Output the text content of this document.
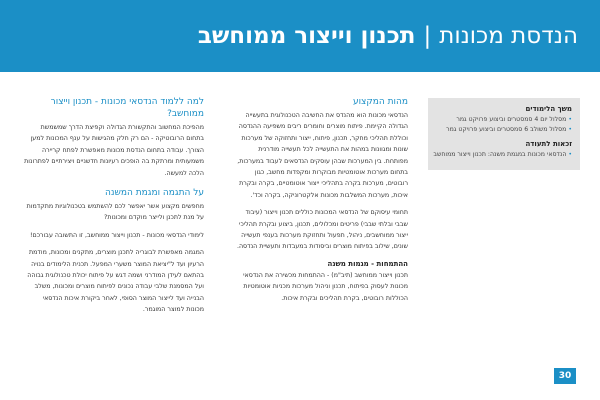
הנדסת מכונות|תכנון וייצור ממוחשב
משך הלימודים
• מסלול יום 4 סמסטרים וביצוע פרויקט גמר
• מסלול משולב 6 סמסטרים וביצוע פרויקט גמר
זכאות לתעודה
• הנדסאי מכונות במגמת משנה: תכנון וייצור ממוחשב
מהות המקצוע

הנדסאי מכונות הוא מהנדס את החשיבה הטכנולוגית בתעשייה הגדולה הקיימת. פיתוח מוצרים וחומרים ריבים משפיעה ההנדסה וכוללת תהליכי מחקר, תכנון, פיתוח, ייצור ותחזוקה של מערכות שונות ומגוונות במהות את התעשייה לכל תעשייה מודרנית מפותחת. בין המערכות שבהן עוסקים הנדסאים לעבוד במערכות, בתחום מערכות אוטומטיות מבוקרות ומקפדות מחשב, כגון רובוטים, מערכות בקרה בתהליכי ייצור אוטומטיים, בקרה ובקרת איכות, מערכות המשלבות מכונות אלקטרוניקה, בקרה וכד'.

תחומי עיסוקם של הנדסאי המכונות כוללים תכנון וייצור (עיבוד שבבי ובלתי שבבי) פריטים ומכלולים, תכנון, ביצוע ובקרת תהליכי ייצור ממוחשבים, ניהול, תפעול ותחזוקת מערכות בענפי תעשייה שונים, שילוב בפיתוח מוצרים וביסודות במעבדות ותעשיית הנדסה.

ההתמחות - מגמות משנה

תכנון וייצור ממוחשב (תיב"מ) - ההתמחות מכשירה את הנדסאי מכונות לעסוק בפיתוח, תכנון וניהול מערכות מכניות אוטומטיות הכוללות רובוטים, בקרת תהליכים ובקרת איכות.

למה ללמוד הנדסאי מכונות - תכנון וייצור ממוחשב?

מהפיכת המחשוב והתקשורת הגדולה וקפיצת הדרך שמשמשת בתחום הרובוטיקה - הם רק חלק מהגישות על ענף המכונות למען הצורך. עבודה בתחום הנדסת מכונות מאפשרת לפתח קריירה משמעותית ומרתקת בה הופכים רעיונות חדשניים ויצירתיים לפתרונות הלכה למעשה.

על התגמה ומגמת המשנה

מחפשים מקצוע אשר יאפשר לכם להשתמש בטכנולוגיות מתקדמות על מנת לתכנן ולייצר מוקדם ומכונות?

לימודי הנדסאי מכונות - תכנון וייצור ממוחשב, זו התשובה עבורכם!

המגמה מאפשרת לבוגריה לתכנן מוצרים, מתקנים ומכונות, מודמת הרעיון ועד ל"יציאת המוצר משערי המפעל. תכנית הלימודים בנויה בהתאם לעידן המודרני ושמה דגש על פיתוח יכולת טכנולוגית גבוהה ועל המסמנת שלבי עבודה נכונים לפיתוח מוצרים ומכונות, משלב הבנייה ועד לייצור המוצר הסופי, לאחר ביקורת איכות הנדסאי מכונות למוצר המוגמר.

30
